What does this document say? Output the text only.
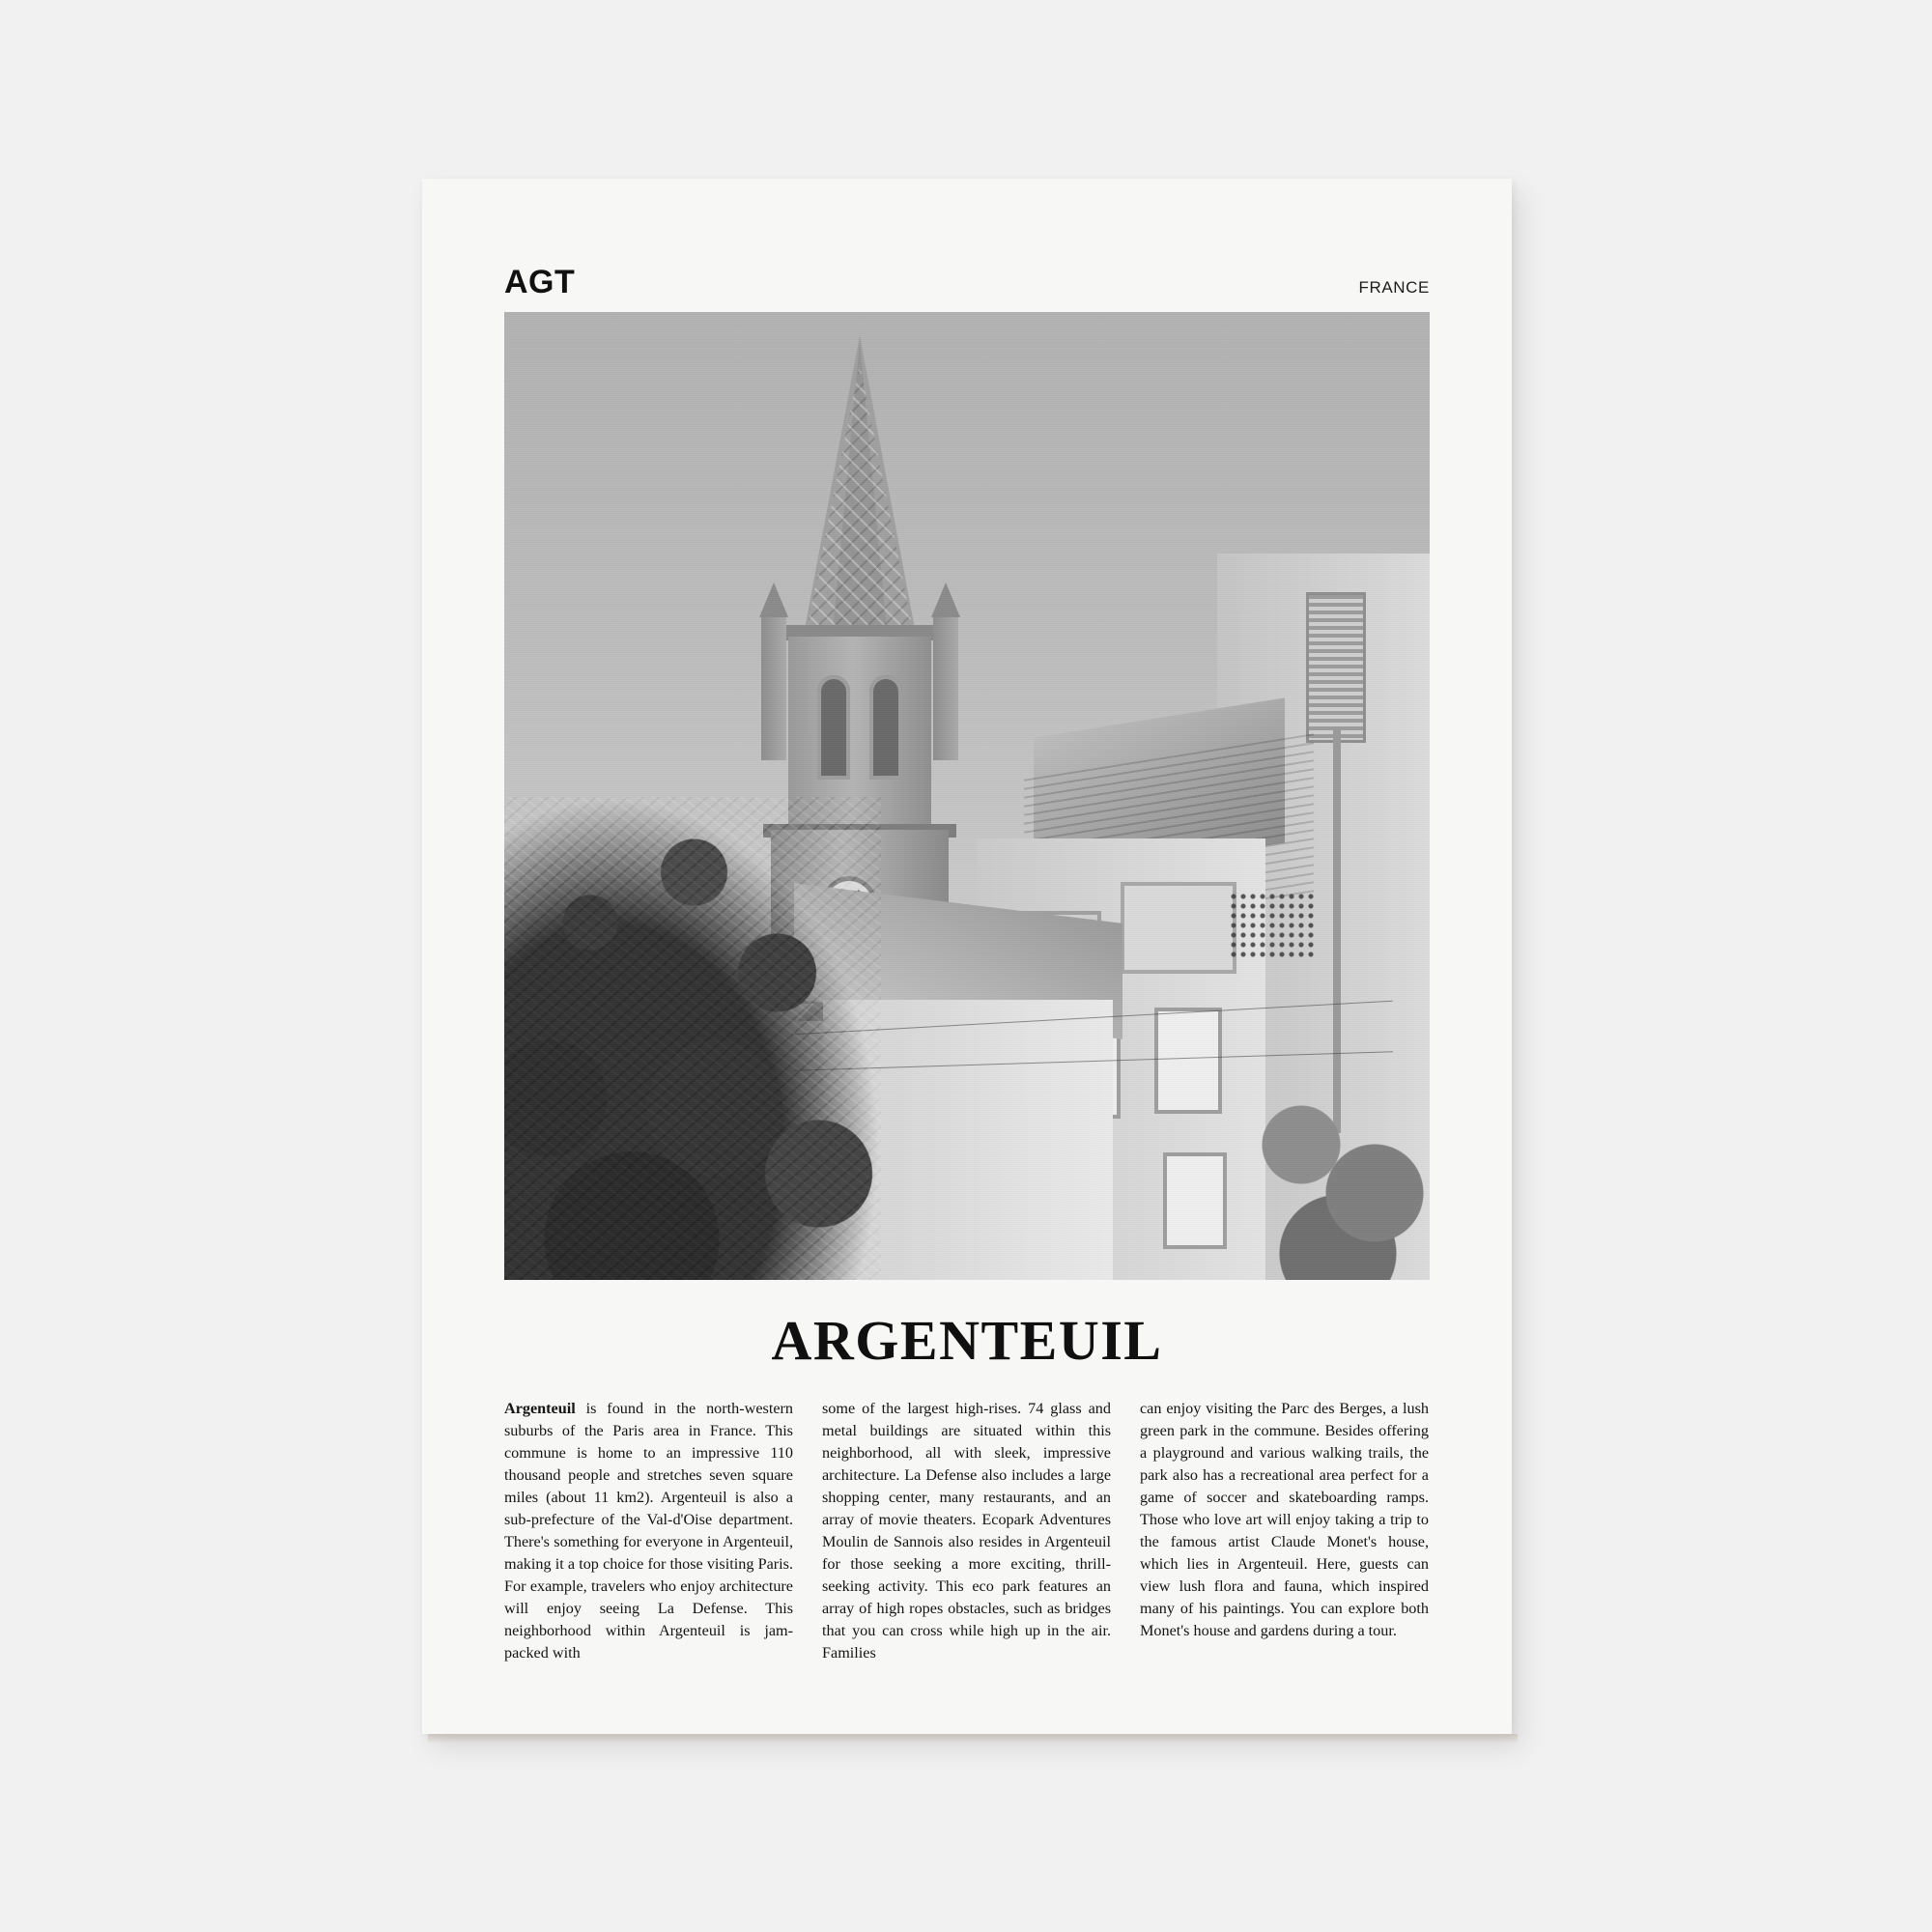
AGT	FRANCE
ARGENTEUIL
Argenteuil is found in the north-western suburbs of the Paris area in France. This commune is home to an impressive 110 thousand people and stretches seven square miles (about 11 km2). Argenteuil is also a sub-prefecture of the Val-d'Oise department. There's something for everyone in Argenteuil, making it a top choice for those visiting Paris. For example, travelers who enjoy architecture will enjoy seeing La Defense. This neighborhood within Argenteuil is jam-packed with
some of the largest high-rises. 74 glass and metal buildings are situated within this neighborhood, all with sleek, impressive architecture. La Defense also includes a large shopping center, many restaurants, and an array of movie theaters. Ecopark Adventures Moulin de Sannois also resides in Argenteuil for those seeking a more exciting, thrill-seeking activity. This eco park features an array of high ropes obstacles, such as bridges that you can cross while high up in the air. Families
can enjoy visiting the Parc des Berges, a lush green park in the commune. Besides offering a playground and various walking trails, the park also has a recreational area perfect for a game of soccer and skateboarding ramps. Those who love art will enjoy taking a trip to the famous artist Claude Monet's house, which lies in Argenteuil. Here, guests can view lush flora and fauna, which inspired many of his paintings. You can explore both Monet's house and gardens during a tour.
